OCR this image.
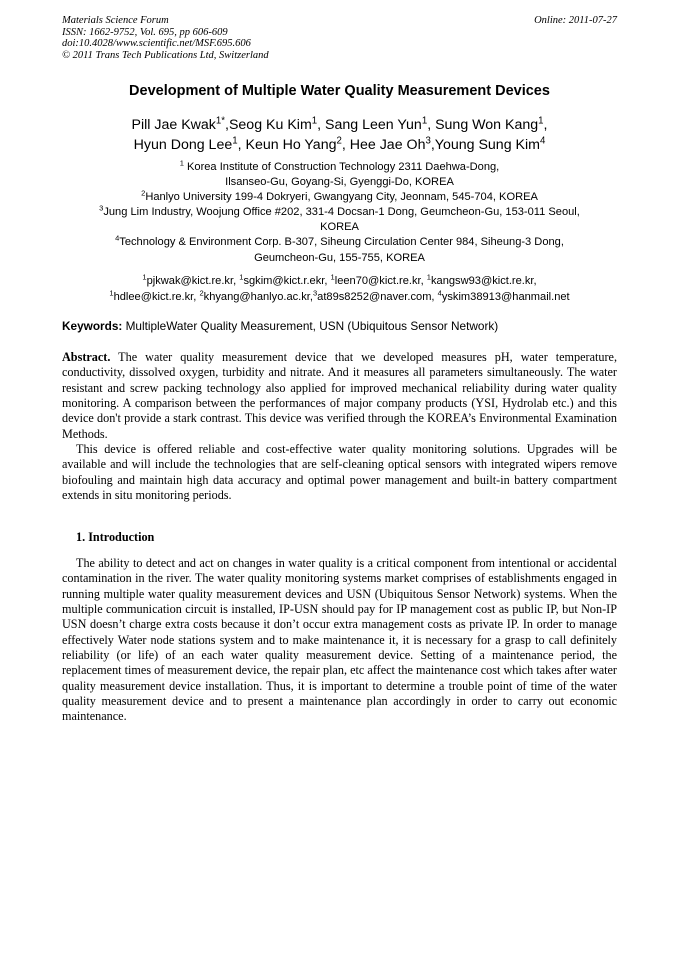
Materials Science Forum
ISSN: 1662-9752, Vol. 695, pp 606-609
doi:10.4028/www.scientific.net/MSF.695.606
© 2011 Trans Tech Publications Ltd, Switzerland
Online: 2011-07-27
Development of Multiple Water Quality Measurement Devices
Pill Jae Kwak$^{1*}$,Seog Ku Kim$^1$, Sang Leen Yun$^1$, Sung Won Kang$^1$,
Hyun Dong Lee$^1$, Keun Ho Yang$^2$, Hee Jae Oh$^3$,Young Sung Kim$^4$
$^1$ Korea Institute of Construction Technology 2311 Daehwa-Dong,
Ilsanseo-Gu, Goyang-Si, Gyenggi-Do, KOREA
$^2$Hanlyo University 199-4 Dokryeri, Gwangyang City, Jeonnam, 545-704, KOREA
$^3$Jung Lim Industry, Woojung Office #202, 331-4 Docsan-1 Dong, Geumcheon-Gu, 153-011 Seoul,
KOREA
$^4$Technology & Environment Corp. B-307, Siheung Circulation Center 984, Siheung-3 Dong,
Geumcheon-Gu, 155-755, KOREA
$^1$pjkwak@kict.re.kr, $^1$sgkim@kict.r.ekr, $^1$leen70@kict.re.kr, $^1$kangsw93@kict.re.kr,
$^1$hdlee@kict.re.kr, $^2$khyang@hanlyo.ac.kr,$^3$at89s8252@naver.com, $^4$yskim38913@hanmail.net
Keywords: MultipleWater Quality Measurement, USN (Ubiquitous Sensor Network)

Abstract. The water quality measurement device that we developed measures pH, water temperature, conductivity, dissolved oxygen, turbidity and nitrate. And it measures all parameters simultaneously. The water resistant and screw packing technology also applied for improved mechanical reliability during water quality monitoring. A comparison between the performances of major company products (YSI, Hydrolab etc.) and this device don't provide a stark contrast. This device was verified through the KOREA’s Environmental Examination Methods.

This device is offered reliable and cost-effective water quality monitoring solutions. Upgrades will be available and will include the technologies that are self-cleaning optical sensors with integrated wipers remove biofouling and maintain high data accuracy and optimal power management and built-in battery compartment extends in situ monitoring periods.

1. Introduction

The ability to detect and act on changes in water quality is a critical component from intentional or accidental contamination in the river. The water quality monitoring systems market comprises of establishments engaged in running multiple water quality measurement devices and USN (Ubiquitous Sensor Network) systems. When the multiple communication circuit is installed, IP-USN should pay for IP management cost as public IP, but Non-IP USN doesn’t charge extra costs because it don’t occur extra management costs as private IP. In order to manage effectively Water node stations system and to make maintenance it, it is necessary for a grasp to call definitely reliability (or life) of an each water quality measurement device. Setting of a maintenance period, the replacement times of measurement device, the repair plan, etc affect the maintenance cost which takes after water quality measurement device installation. Thus, it is important to determine a trouble point of time of the water quality measurement device and to present a maintenance plan accordingly in order to carry out economic maintenance.
